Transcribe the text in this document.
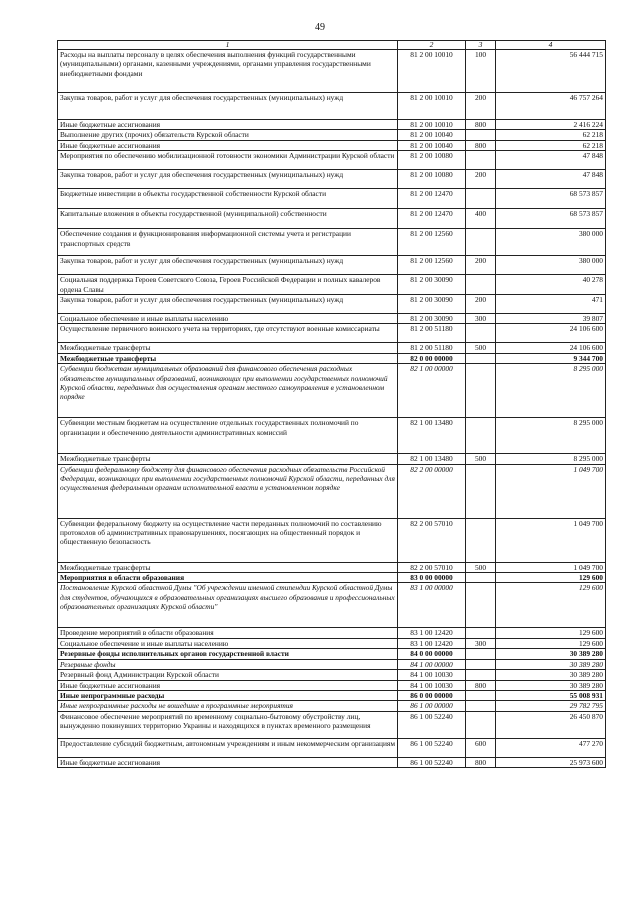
49
1	2	3	4
Расходы на выплаты персоналу в целях обеспечения выполнения функций государственными (муниципальными) органами, казенными учреждениями, органами управления государственными внебюджетными фондами	81 2 00 10010	100	56 444 715
Закупка товаров, работ и услуг для обеспечения государственных (муниципальных) нужд	81 2 00 10010	200	46 757 264
Иные бюджетные ассигнования	81 2 00 10010	800	2 416 224
Выполнение других (прочих) обязательств Курской области	81 2 00 10040		62 218
Иные бюджетные ассигнования	81 2 00 10040	800	62 218
Мероприятия по обеспечению мобилизационной готовности экономики Администрации Курской области	81 2 00 10080		47 848
Закупка товаров, работ и услуг для обеспечения государственных (муниципальных) нужд	81 2 00 10080	200	47 848
Бюджетные инвестиции в объекты государственной собственности Курской области	81 2 00 12470		68 573 857
Капитальные вложения в объекты государственной (муниципальной) собственности	81 2 00 12470	400	68 573 857
Обеспечение создания и функционирования информационной системы учета и регистрации транспортных средств	81 2 00 12560		380 000
Закупка товаров, работ и услуг для обеспечения государственных (муниципальных) нужд	81 2 00 12560	200	380 000
Социальная поддержка Героев Советского Союза, Героев Российской Федерации и полных кавалеров ордена Славы	81 2 00 30090		40 278
Закупка товаров, работ и услуг для обеспечения государственных (муниципальных) нужд	81 2 00 30090	200	471
Социальное обеспечение и иные выплаты населению	81 2 00 30090	300	39 807
Осуществление первичного воинского учета на территориях, где отсутствуют военные комиссариаты	81 2 00 51180		24 106 600
Межбюджетные трансферты	81 2 00 51180	500	24 106 600
Межбюджетные трансферты	82 0 00 00000		9 344 700
Субвенции бюджетам муниципальных образований для финансового обеспечения расходных обязательств муниципальных образований, возникающих при выполнении государственных полномочий Курской области, переданных для осуществления органам местного самоуправления в установленном порядке	82 1 00 00000		8 295 000
Субвенции местным бюджетам на осуществление отдельных государственных полномочий по организации и обеспечению деятельности административных комиссий	82 1 00 13480		8 295 000
Межбюджетные трансферты	82 1 00 13480	500	8 295 000
Субвенции федеральному бюджету для финансового обеспечения расходных обязательств Российской Федерации, возникающих при выполнении государственных полномочий Курской области, переданных для осуществления федеральным органам исполнительной власти в установленном порядке	82 2 00 00000		1 049 700
Субвенции федеральному бюджету на осуществление части переданных полномочий по составлению протоколов об административных правонарушениях, посягающих на общественный порядок и общественную безопасность	82 2 00 57010		1 049 700
Межбюджетные трансферты	82 2 00 57010	500	1 049 700
Мероприятия в области образования	83 0 00 00000		129 600
Постановление Курской областной Думы "Об учреждении именной стипендии Курской областной Думы для студентов, обучающихся в образовательных организациях высшего образования и профессиональных образовательных организациях Курской области"	83 1 00 00000		129 600
Проведение мероприятий в области образования	83 1 00 12420		129 600
Социальное обеспечение и иные выплаты населению	83 1 00 12420	300	129 600
Резервные фонды исполнительных органов государственной власти	84 0 00 00000		30 389 280
Резервные фонды	84 1 00 00000		30 389 280
Резервный фонд Администрации Курской области	84 1 00 10030		30 389 280
Иные бюджетные ассигнования	84 1 00 10030	800	30 389 280
Иные непрограммные расходы	86 0 00 00000		55 008 931
Иные непрограммные расходы не вошедшие в программные мероприятия	86 1 00 00000		29 782 795
Финансовое обеспечение мероприятий по временному социально-бытовому обустройству лиц, вынужденно покинувших территорию Украины и находящихся в пунктах временного размещения	86 1 00 52240		26 450 870
Предоставление субсидий бюджетным, автономным учреждениям и иным некоммерческим организациям	86 1 00 52240	600	477 270
Иные бюджетные ассигнования	86 1 00 52240	800	25 973 600
